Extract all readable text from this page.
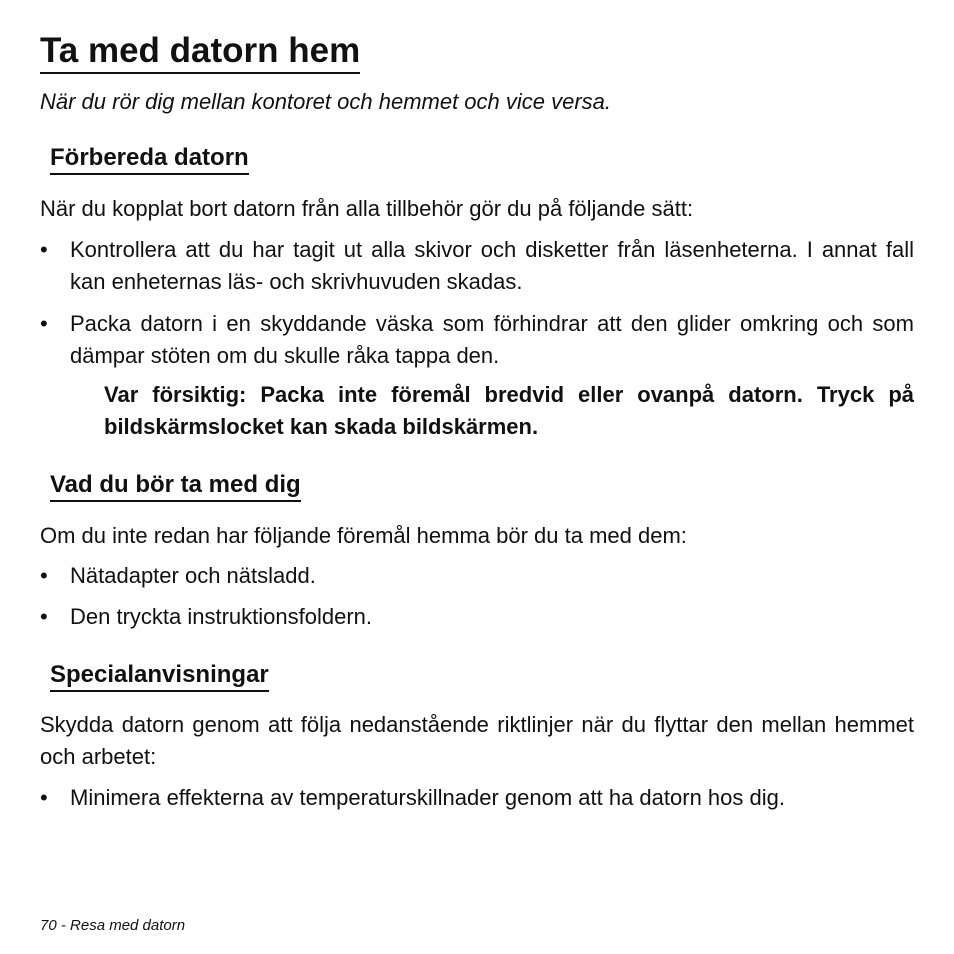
Ta med datorn hem

När du rör dig mellan kontoret och hemmet och vice versa.

Förbereda datorn

När du kopplat bort datorn från alla tillbehör gör du på följande sätt:

•	Kontrollera att du har tagit ut alla skivor och disketter från läsenheterna. I annat fall kan enheternas läs- och skrivhuvuden skadas.
•	Packa datorn i en skyddande väska som förhindrar att den glider omkring och som dämpar stöten om du skulle råka tappa den.

Var försiktig: Packa inte föremål bredvid eller ovanpå datorn. Tryck på bildskärmslocket kan skada bildskärmen.

Vad du bör ta med dig

Om du inte redan har följande föremål hemma bör du ta med dem:

•	Nätadapter och nätsladd.
•	Den tryckta instruktionsfoldern.
Specialanvisningar

Skydda datorn genom att följa nedanstående riktlinjer när du flyttar den mellan hemmet och arbetet:

•	Minimera effekterna av temperaturskillnader genom att ha datorn hos dig.
70 - Resa med datorn
